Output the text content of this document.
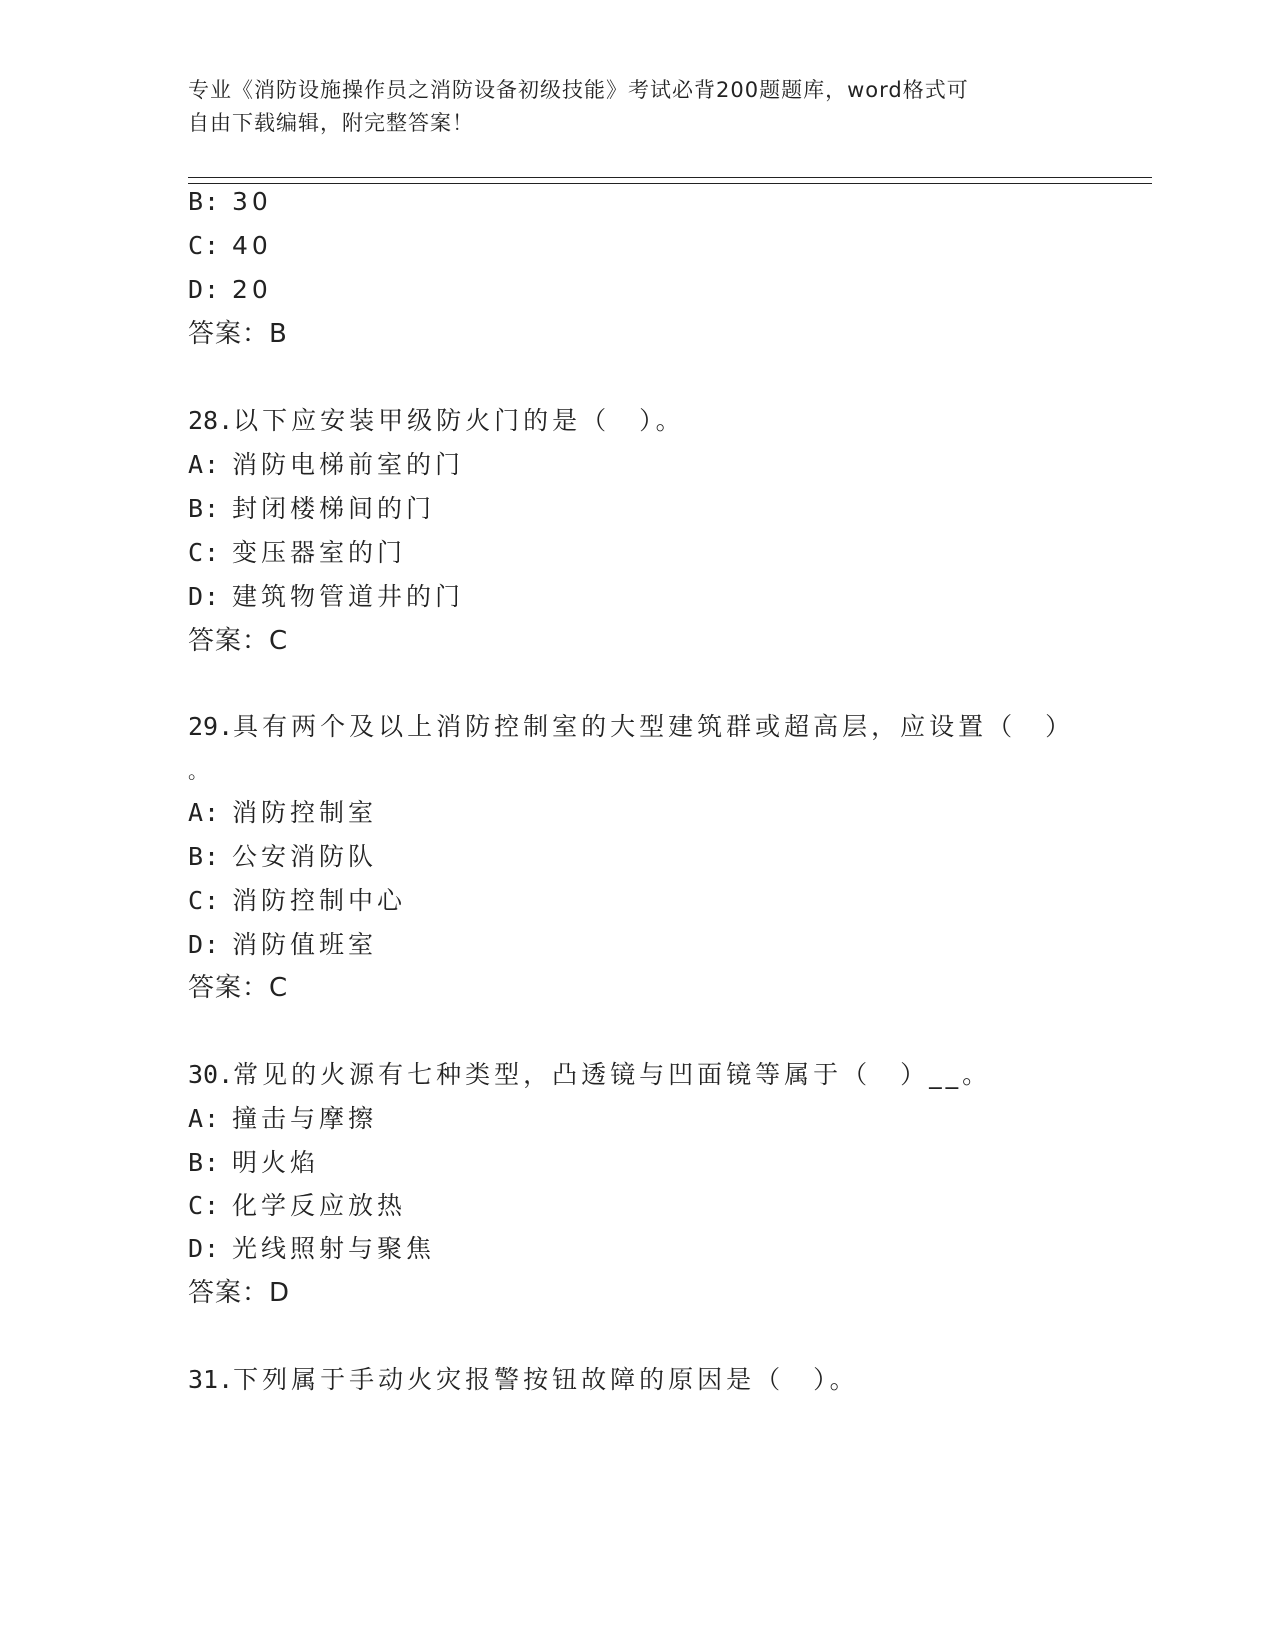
专业《消防设施操作员之消防设备初级技能》考试必背200题题库，word格式可
自由下载编辑，附完整答案！
B: 30
C: 40
D: 20
答案：B
28.以下应安装甲级防火门的是（　）。
A: 消防电梯前室的门
B: 封闭楼梯间的门
C: 变压器室的门
D: 建筑物管道井的门
答案：C
29.具有两个及以上消防控制室的大型建筑群或超高层，应设置（　）
。
A: 消防控制室
B: 公安消防队
C: 消防控制中心
D: 消防值班室
答案：C
30.常见的火源有七种类型，凸透镜与凹面镜等属于（　）__。
A: 撞击与摩擦
B: 明火焰
C: 化学反应放热
D: 光线照射与聚焦
答案：D
31.下列属于手动火灾报警按钮故障的原因是（　）。
